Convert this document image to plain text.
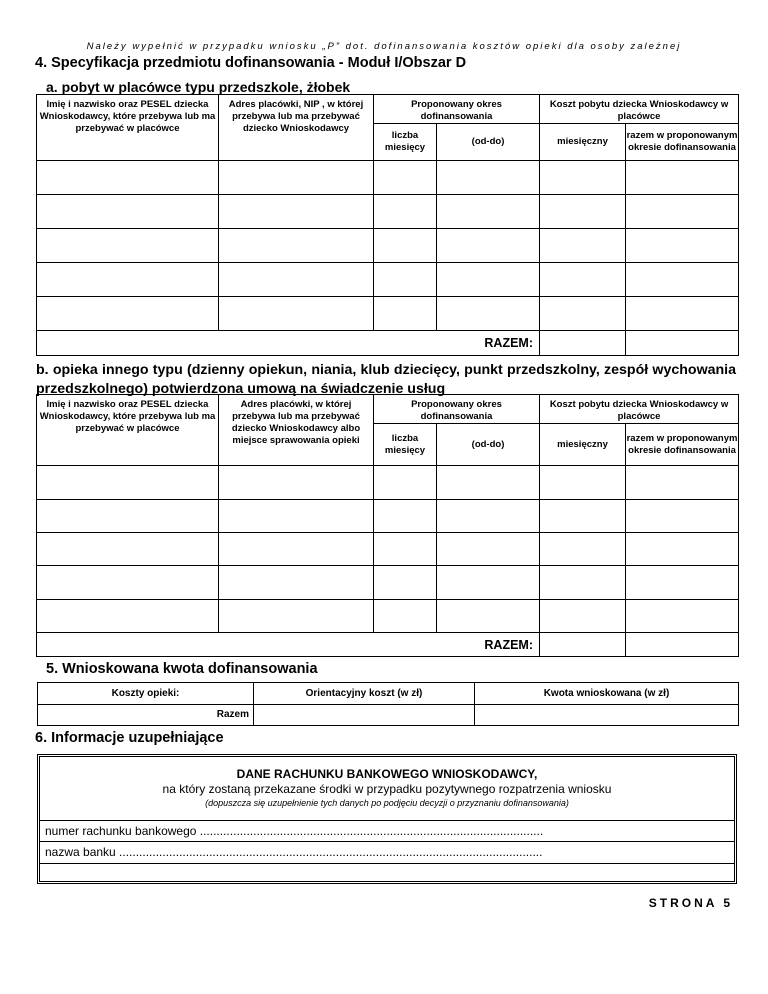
Należy wypełnić w przypadku wniosku „P” dot. dofinansowania kosztów opieki dla osoby zależnej
4. Specyfikacja przedmiotu dofinansowania - Moduł I/Obszar D
a. pobyt w placówce typu przedszkole, żłobek
Imię i nazwisko oraz PESEL dziecka Wnioskodawcy, które przebywa lub ma przebywać w placówce	Adres placówki, NIP , w której przebywa lub ma przebywać dziecko Wnioskodawcy	Proponowany okres dofinansowania		Koszt pobytu dziecka Wnioskodawcy w placówce	
		liczba miesięcy	(od-do)	miesięczny	razem w proponowanym okresie dofinansowania

RAZEM:					
b. opieka innego typu (dzienny opiekun, niania, klub dziecięcy, punkt przedszkolny, zespół wychowania przedszkolnego) potwierdzona umową na świadczenie usług
Imię i nazwisko oraz PESEL dziecka Wnioskodawcy, które przebywa lub ma przebywać w placówce	Adres placówki, w której przebywa lub ma przebywać dziecko Wnioskodawcy albo miejsce sprawowania opieki	Proponowany okres dofinansowania		Koszt pobytu dziecka Wnioskodawcy w placówce	
		liczba miesięcy	(od-do)	miesięczny	razem w proponowanym okresie dofinansowania

RAZEM:					
5. Wnioskowana kwota dofinansowania
Koszty opieki:	Orientacyjny koszt (w zł)	Kwota wnioskowana (w zł)
Razem		
6. Informacje uzupełniające
DANE RACHUNKU BANKOWEGO WNIOSKODAWCY,
na który zostaną przekazane środki w przypadku pozytywnego rozpatrzenia wniosku
(dopuszcza się uzupełnienie tych danych po podjęciu decyzji o przyznaniu dofinansowania)
numer rachunku bankowego .......................................................................................................
nazwa banku ...............................................................................................................................
STRONA 5
